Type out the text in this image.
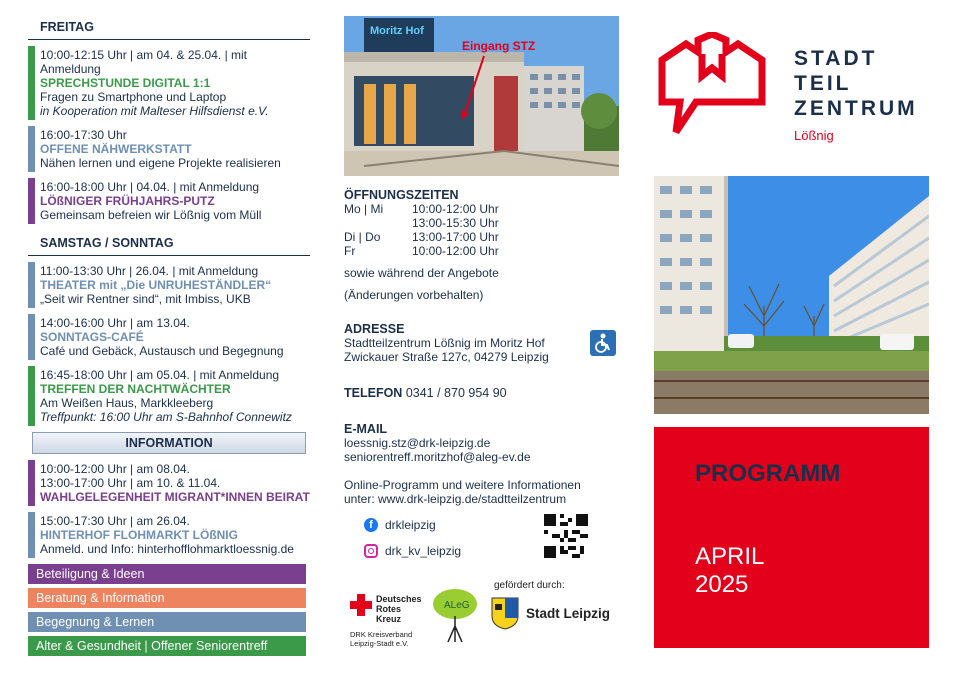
FREITAG
10:00-12:15 Uhr | am 04. & 25.04. | mit Anmeldung
SPRECHSTUNDE DIGITAL 1:1
Fragen zu Smartphone und Laptop
in Kooperation mit Malteser Hilfsdienst e.V.
16:00-17:30 Uhr
OFFENE NÄHWERKSTATT
Nähen lernen und eigene Projekte realisieren
16:00-18:00 Uhr | 04.04. | mit Anmeldung
LÖßNIGER FRÜHJAHRS-PUTZ
Gemeinsam befreien wir Lößnig vom Müll
SAMSTAG / SONNTAG
11:00-13:30 Uhr | 26.04. | mit Anmeldung
THEATER mit „Die UNRUHESTÄNDLER“
„Seit wir Rentner sind“, mit Imbiss, UKB
14:00-16:00 Uhr | am 13.04.
SONNTAGS-CAFÉ
Café und Gebäck, Austausch und Begegnung
16:45-18:00 Uhr | am 05.04. | mit Anmeldung
TREFFEN DER NACHTWÄCHTER
Am Weißen Haus, Markkleeberg
Treffpunkt: 16:00 Uhr am S-Bahnhof Connewitz
INFORMATION
10:00-12:00 Uhr | am 08.04.
13:00-17:00 Uhr | am 10. & 11.04.
WAHLGELEGENHEIT MIGRANT*INNEN BEIRAT
15:00-17:30 Uhr | am 26.04.
HINTERHOF FLOHMARKT LÖßNIG
Anmeld. und Info: hinterhofflohmarktloessnig.de
Beteiligung & Ideen
Beratung & Information
Begegnung & Lernen
Alter & Gesundheit | Offener Seniorentreff
Moritz Hof
Eingang STZ
ÖFFNUNGSZEITEN
Mo | Mi	10:00-12:00 Uhr
13:00-15:30 Uhr
Di | Do	13:00-17:00 Uhr
Fr	10:00-12:00 Uhr
sowie während der Angebote
(Änderungen vorbehalten)
ADRESSE
Stadtteilzentrum Lößnig im Moritz Hof
Zwickauer Straße 127c, 04279 Leipzig
TELEFON 0341 / 870 954 90
E-MAIL
loessnig.stz@drk-leipzig.de
seniorentreff.moritzhof@aleg-ev.de
Online-Programm und weitere Informationen
unter: www.drk-leipzig.de/stadtteilzentrum
f	drkleipzig
drk_kv_leipzig
Deutsches
Rotes
Kreuz
DRK Kreisverband
Leipzig-Stadt e.V.
ALeG
gefördert durch:
Stadt Leipzig
STADT
TEIL
ZENTRUM
Lößnig
PROGRAMM
APRIL
2025
